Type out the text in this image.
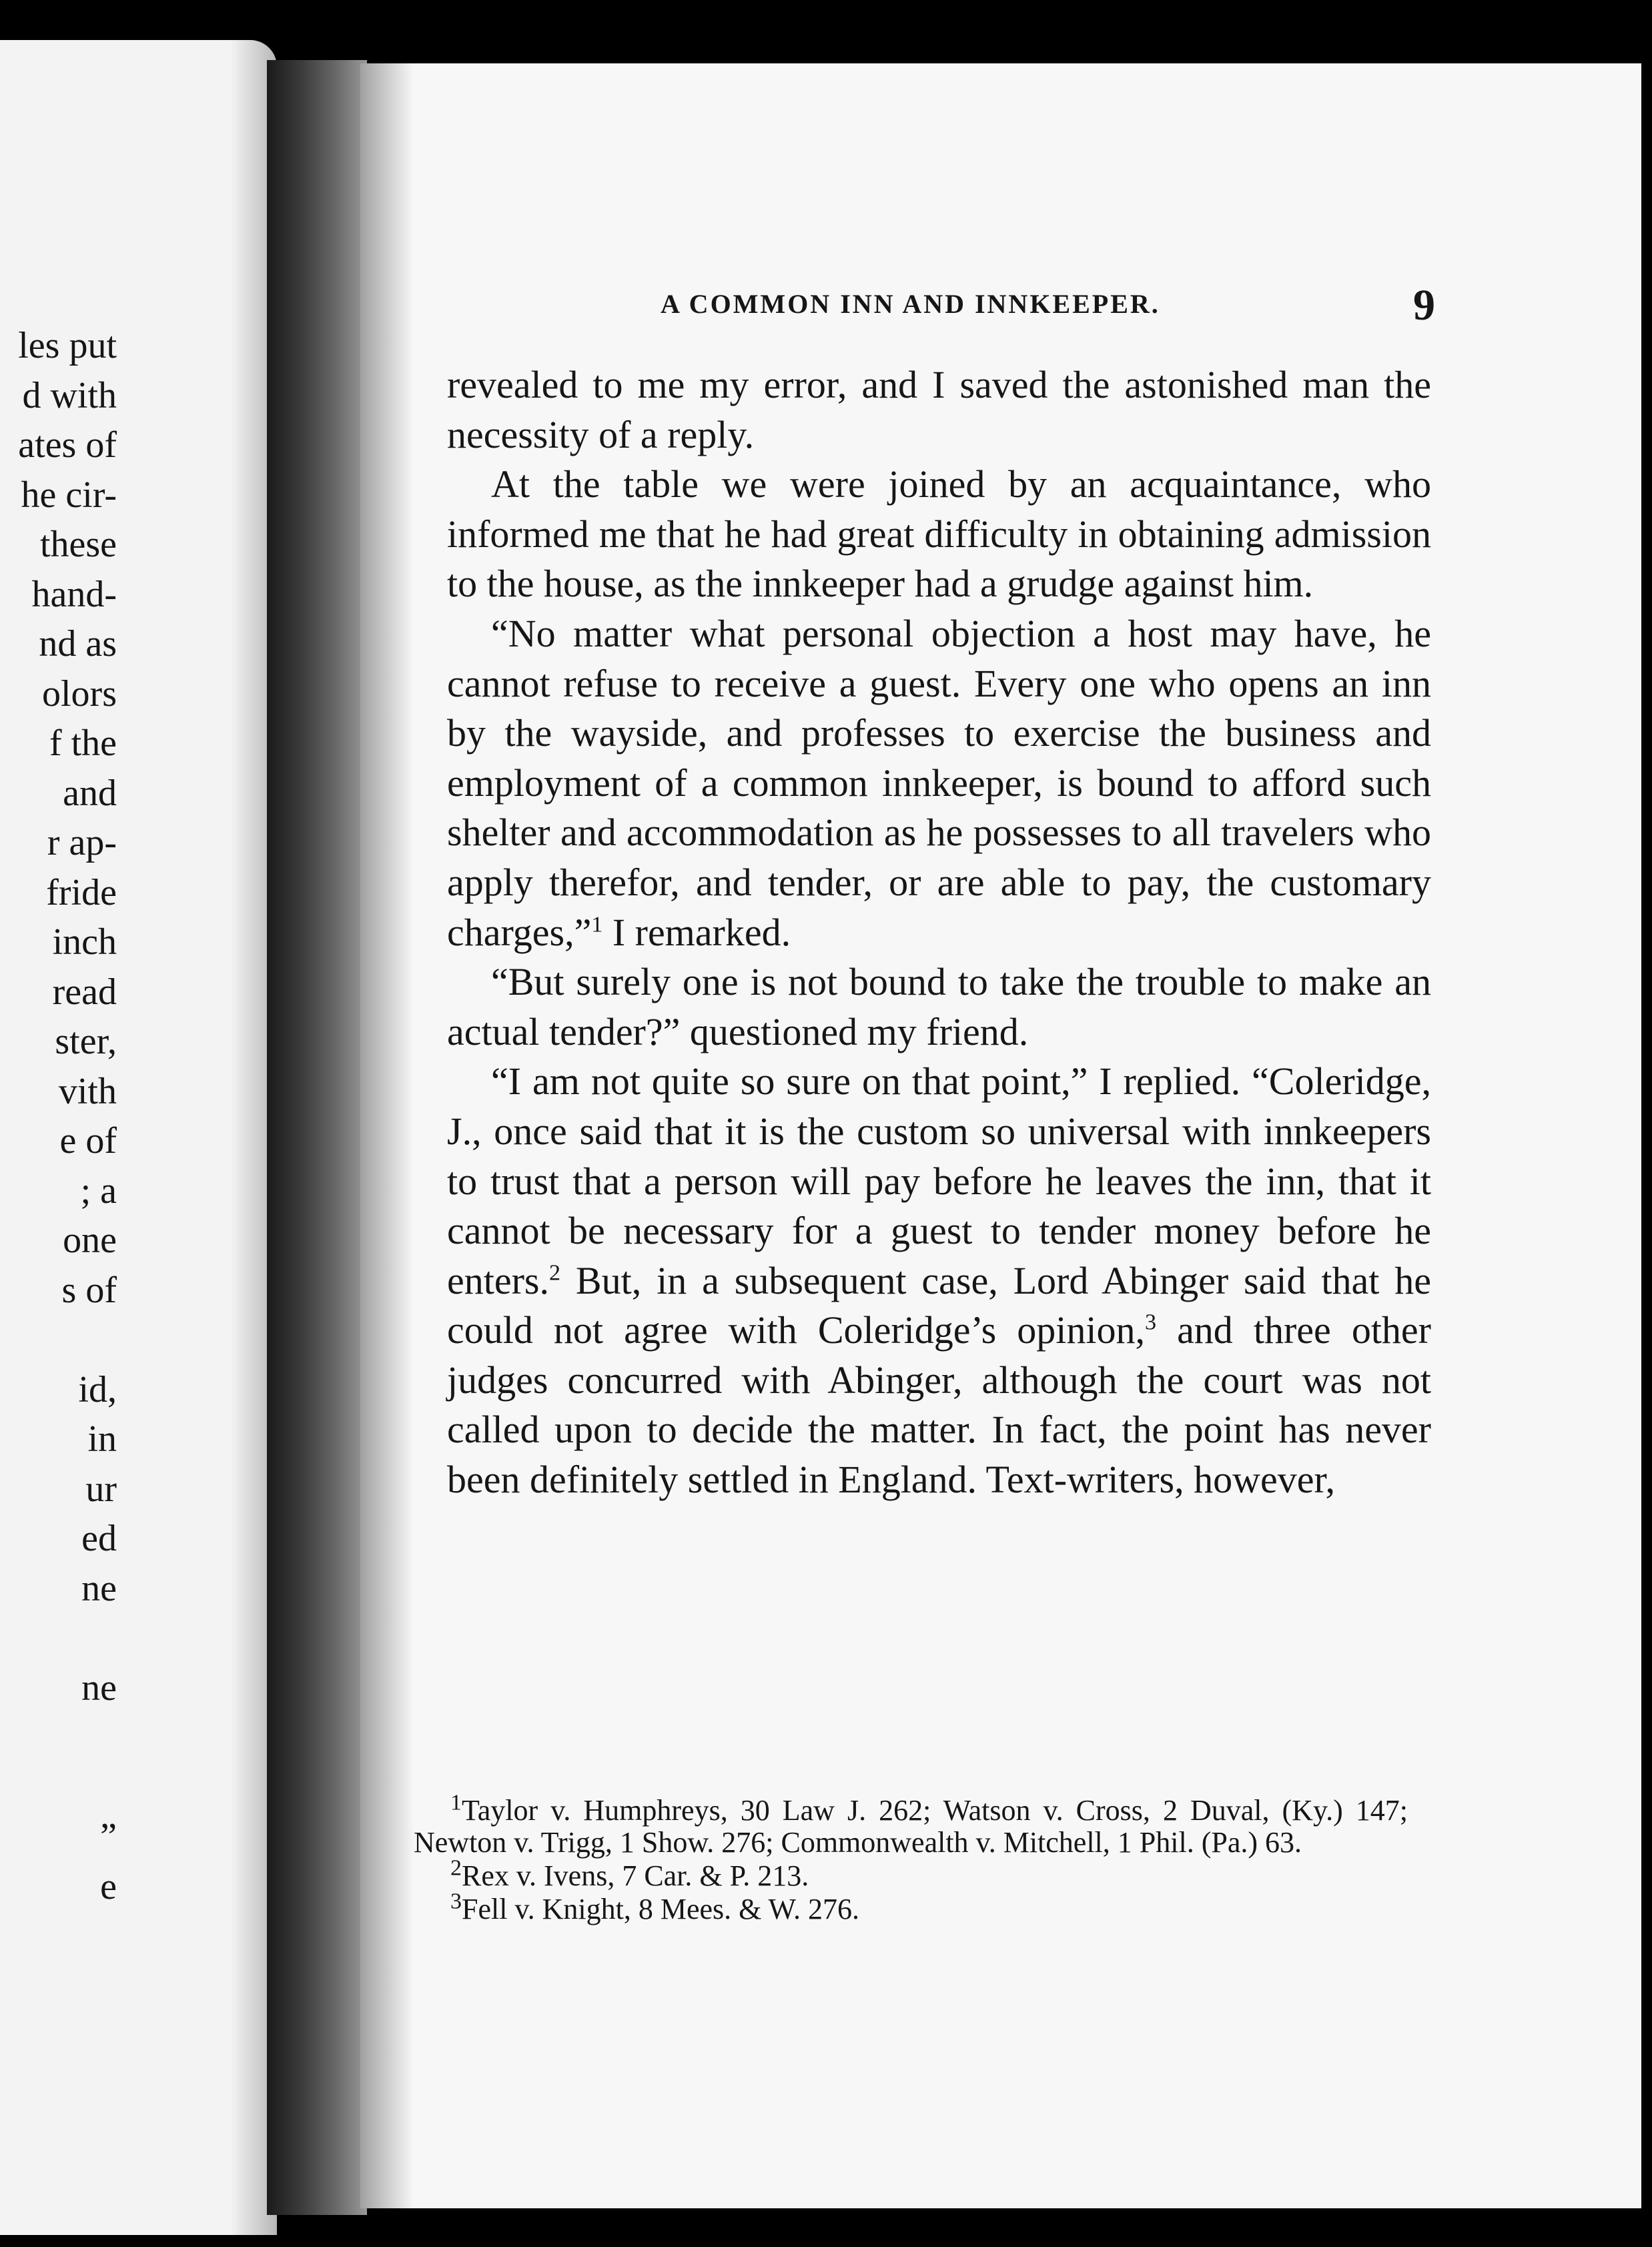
les put
d with
ates of
he cir-
these
hand-
nd as
olors
f the
and
r ap-
fride
inch
read
ster,
vith
e of
; a
one
s of
id,
in
ur
ed
ne
ne
”
e
A COMMON INN AND INNKEEPER.	9

revealed to me my error, and I saved the astonished man the necessity of a reply.

At the table we were joined by an acquaintance, who informed me that he had great difficulty in obtaining admission to the house, as the innkeeper had a grudge against him.

“No matter what personal objection a host may have, he cannot refuse to receive a guest. Every one who opens an inn by the wayside, and professes to exercise the business and employment of a common innkeeper, is bound to afford such shelter and accommodation as he possesses to all travelers who apply therefor, and tender, or are able to pay, the customary charges,”$^1$ I remarked.

“But surely one is not bound to take the trouble to make an actual tender?” questioned my friend.

“I am not quite so sure on that point,” I replied. “Coleridge, J., once said that it is the custom so universal with innkeepers to trust that a person will pay before he leaves the inn, that it cannot be necessary for a guest to tender money before he enters.$^2$ But, in a subsequent case, Lord Abinger said that he could not agree with Coleridge’s opinion,$^3$ and three other judges concurred with Abinger, although the court was not called upon to decide the matter. In fact, the point has never been definitely settled in England. Text-writers, however,

$^1$Taylor v. Humphreys, 30 Law J. 262; Watson v. Cross, 2 Duval, (Ky.) 147; Newton v. Trigg, 1 Show. 276; Commonwealth v. Mitchell, 1 Phil. (Pa.) 63.

$^2$Rex v. Ivens, 7 Car. & P. 213.

$^3$Fell v. Knight, 8 Mees. & W. 276.
